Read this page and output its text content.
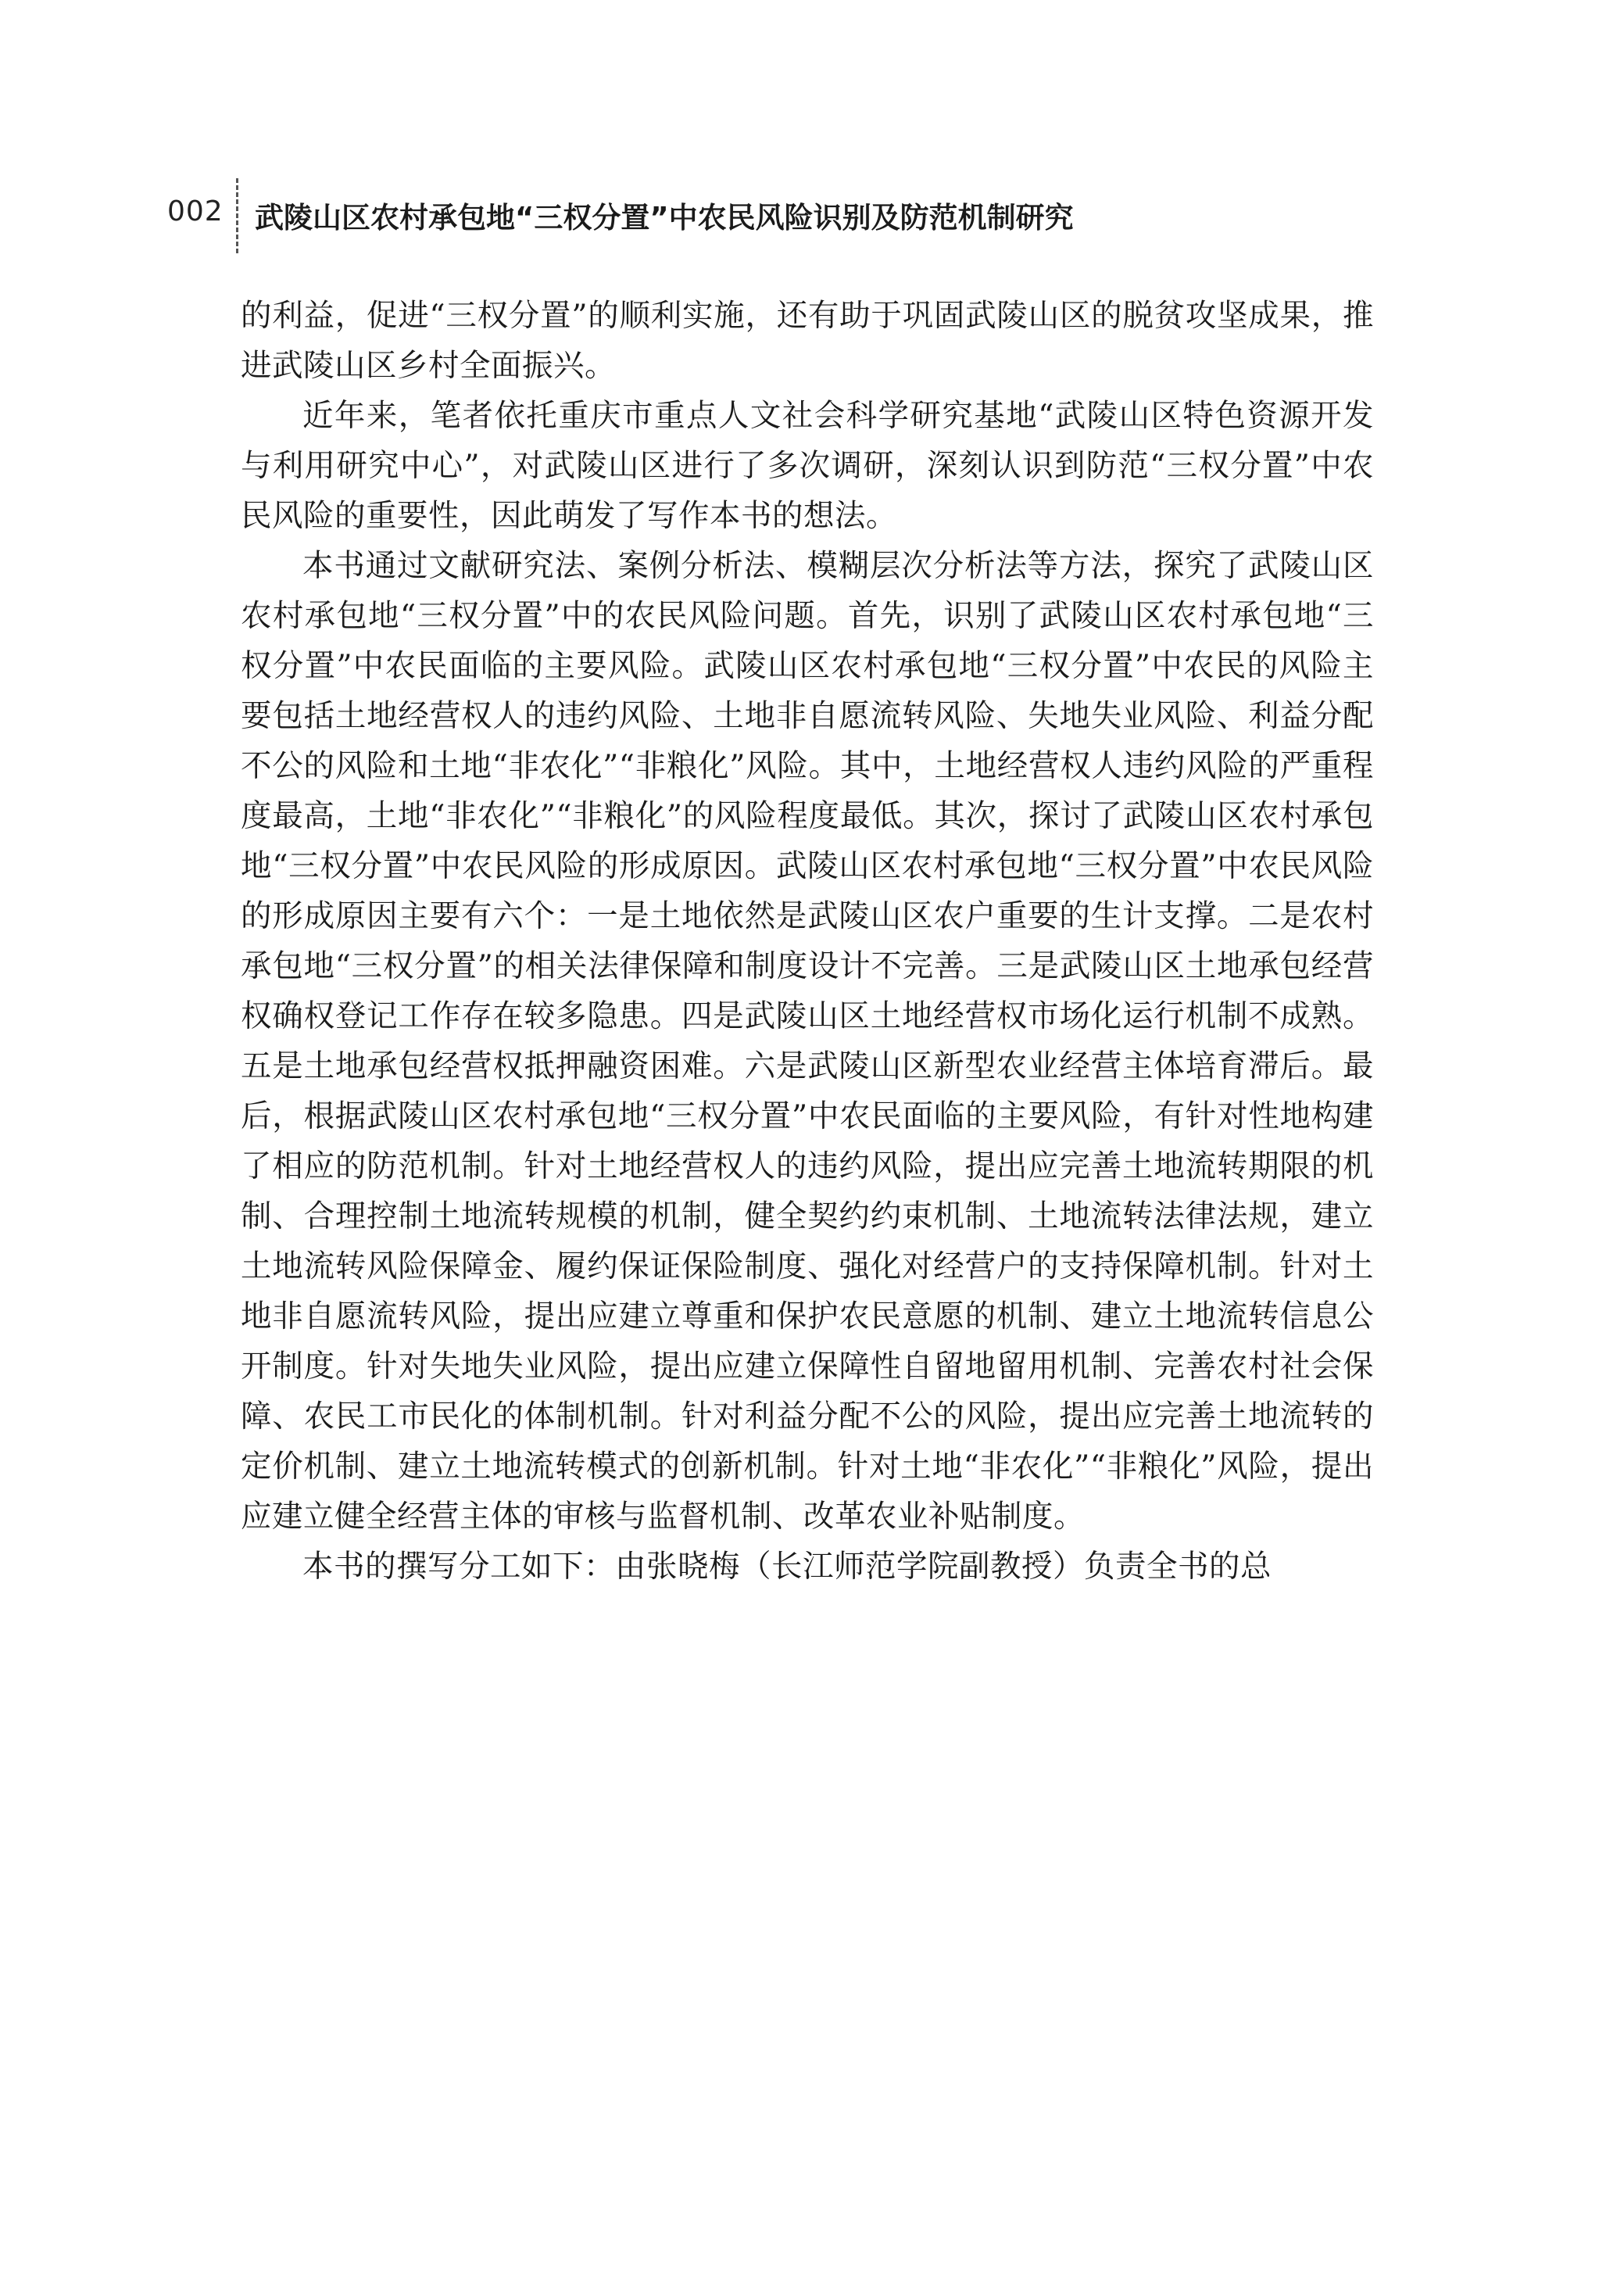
002 武陵山区农村承包地“三权分置”中农民风险识别及防范机制研究

的利益，促进“三权分置”的顺利实施，还有助于巩固武陵山区的脱贫攻坚成果，推进武陵山区乡村全面振兴。

近年来，笔者依托重庆市重点人文社会科学研究基地“武陵山区特色资源开发与利用研究中心”，对武陵山区进行了多次调研，深刻认识到防范“三权分置”中农民风险的重要性，因此萌发了写作本书的想法。

本书通过文献研究法、案例分析法、模糊层次分析法等方法，探究了武陵山区农村承包地“三权分置”中的农民风险问题。首先，识别了武陵山区农村承包地“三权分置”中农民面临的主要风险。武陵山区农村承包地“三权分置”中农民的风险主要包括土地经营权人的违约风险、土地非自愿流转风险、失地失业风险、利益分配不公的风险和土地“非农化”“非粮化”风险。其中，土地经营权人违约风险的严重程度最高，土地“非农化”“非粮化”的风险程度最低。其次，探讨了武陵山区农村承包地“三权分置”中农民风险的形成原因。武陵山区农村承包地“三权分置”中农民风险的形成原因主要有六个：一是土地依然是武陵山区农户重要的生计支撑。二是农村承包地“三权分置”的相关法律保障和制度设计不完善。三是武陵山区土地承包经营权确权登记工作存在较多隐患。四是武陵山区土地经营权市场化运行机制不成熟。五是土地承包经营权抵押融资困难。六是武陵山区新型农业经营主体培育滞后。最后，根据武陵山区农村承包地“三权分置”中农民面临的主要风险，有针对性地构建了相应的防范机制。针对土地经营权人的违约风险，提出应完善土地流转期限的机制、合理控制土地流转规模的机制，健全契约约束机制、土地流转法律法规，建立土地流转风险保障金、履约保证保险制度、强化对经营户的支持保障机制。针对土地非自愿流转风险，提出应建立尊重和保护农民意愿的机制、建立土地流转信息公开制度。针对失地失业风险，提出应建立保障性自留地留用机制、完善农村社会保障、农民工市民化的体制机制。针对利益分配不公的风险，提出应完善土地流转的定价机制、建立土地流转模式的创新机制。针对土地“非农化”“非粮化”风险，提出应建立健全经营主体的审核与监督机制、改革农业补贴制度。

本书的撰写分工如下：由张晓梅（长江师范学院副教授）负责全书的总
